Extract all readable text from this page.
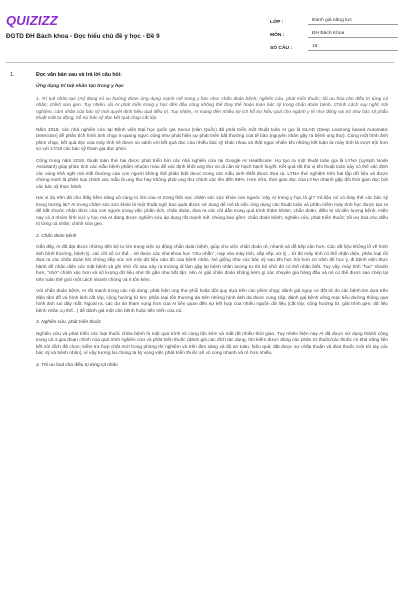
QUIZIZZ
ĐGTD ĐH Bách khoa - Đọc hiểu chủ đề y học - Đề 9
LỚP :	Đánh giá năng lực
MÔN :	ĐH Bách Khoa
SỐ CÂU :	18
1.	Đọc văn bản sau và trả lời câu hỏi:

Ứng dụng trí tuệ nhân tạo trong y học

1. Trí tuệ nhân tạo (AI) đang có xu hướng được ứng dụng mạnh mẽ trong y học như: chẩn đoán bệnh; nghiên cứu, phát triển thuốc; tối ưu hóa cho điều trị từng cá nhân; chỉnh sửa gen. Tuy nhiên, dù AI phát triển trong y học đến đâu cũng không thể thay thế hoàn toàn bác sỹ trong chẩn đoán bệnh. Chính cách suy nghĩ, trải nghiệm, cảm nhận của bác sỹ mới quyết định hiệu quả điều trị. Tuy nhiên, AI mang đến nhiều lợi ích hỗ trợ hiệu quả cho ngành y tế như đóng vai trò như bác sỹ phẫu thuật mắt tự động, hỗ trợ bác sỹ đọc kết quả chụp cắt lớp.

Năm 2018, các nhà nghiên cứu tại Bệnh viện Đại học quốc gia Seoul (Hàn Quốc) đã phát triển một thuật toán AI gọi là DLAD (Deep Learning based Automatic Detection) để phân tích hình ảnh chụp X-quang ngực cũng như phát hiện sự phát triển bất thường của tế bào (nguyên nhân gây ra bệnh ung thư). Cùng một hình ảnh phim chụp, kết quả đọc của máy tính sẽ được so sánh với kết quả đọc của nhiều bác sỹ khác nhau và thật ngạc nhiên khi những kết luận từ máy tính là vượt trội hơn so với 17/18 các bác sỹ tham gia đọc phim.

Cũng trong năm 2018, thuật toán thứ hai được phát triển bởi các nhà nghiên cứu tại Google AI Healthcare. Họ tạo ra một thuật toán gọi là LYNA (Lymph Node Assistant) giúp phân tích các mẫu bệnh phẩm nhuộm màu để xác định khối ung thư vú di căn từ hạch bạch huyết. Kết quả rất thú vị khi thuật toán này có thể xác định các vùng khả nghi mà mắt thường của con người không thể phân biệt được trong các mẫu sinh thiết được đưa ra. LYNA thử nghiệm trên hai tập dữ liệu và được chứng minh là phân loại chính xác mẫu là ung thư hay không phải ung thư chính xác lên đến 99%. Hơn nữa, thời gian đọc của LYNA nhanh gấp đôi thời gian đọc bởi các bác sỹ thực hành.

Hai ví dụ trên đã cho thấy tiềm năng vô cùng to lớn của AI trong lĩnh vực chăm sóc sức khỏe con người. Vậy AI trong y học là gì? Và liệu nó có thay thế các bác sỹ trong tương lai? AI trong chăm sóc sức khỏe là một thuật ngữ bao quát được sử dụng để mô tả việc ứng dụng các thuật toán và phần mềm máy tính học được tạo ra để bắt chước nhận thức của con người trong việc phân tích, chẩn đoán, đưa ra các chỉ dẫn trong quá trình thăm khám, chẩn đoán, điều trị và tiên lượng bệnh. Hiện nay có 4 nhóm lĩnh vực y học mà AI đang được nghiên cứu áp dụng rất mạnh mẽ, chúng bao gồm: chẩn đoán bệnh; nghiên cứu, phát triển thuốc; tối ưu hóa cho điều trị từng cá nhân; chỉnh sửa gen.

2. Chẩn đoán bệnh

Gần đây, AI đã đạt được những tiến bộ to lớn trong việc tự động chẩn đoán bệnh, giúp cho việc chẩn đoán rẻ, nhanh và dễ tiếp cận hơn. Các dữ liệu không lồ về hình ảnh bình thường, bệnh lý, các chỉ số cơ thể... sẽ được các nhà khoa học "cho nhẫn", nạp vào máy tính, sắp xếp, xử lý... từ đó máy tính có thể nhận diện, phân loại rồi đưa ra các chẩn đoán khi chúng tiếp xúc với một dữ liệu nào đó của bệnh nhân. Nó giống như các bác sỹ sau khi học hỏi hơn 10 năm để học y, đi bệnh viện thực hành để nhận diện các mặt bệnh và ghi nhớ rồi sau này ra trường đi làm gặp lại bệnh nhân tương tự thì bộ nhớ đó có thể nhận biết. Tuy vậy, máy tính "học" nhanh hơn, "nhớ" chính xác hơn và số lượng dữ liệu nhớ thì gần như bất tận, nên AI giúi chẩn đoán không kém gì các chuyên gia hàng đầu và nó có thể được sao chép lại trên toàn thế giới một cách nhanh chóng và ít tốn kém.

Với chẩn đoán bệnh, AI rất mạnh trong các nội dung: phát hiện ung thư phổi hoặc đột quỵ dựa trên các phim chụp; đánh giá nguy cơ đột tử do các bệnh tim dựa trên điện tâm đồ và hình ảnh cắt lớp, cộng hưởng từ tim; phân loại tổn thương da trên những hình ảnh da được cung cấp; đánh giá bệnh võng mạc tiểu đường thông qua hình ảnh soi đáy mắt. Ngoài ra, các dự án tham vọng hơn của AI liên quan đến sự kết hợp của nhiều nguồn dữ liệu (cắt lớp, cộng hưởng từ, giải trình gen, dữ liệu bệnh nhân cụ thể...) để đánh giá một căn bệnh hoặc tiến triển của nó.

3. Nghiên cứu, phát triển thuốc

Nghiên cứu và phát triển các loại thuốc chữa bệnh là một quá trình vô cùng tốn kém và mất rất nhiều thời gian. Tuy nhiên hiện nay AI đã được sử dụng thành công trong cả 4 giai đoạn chính của quá trình nghiên cứu và phát triển thuốc (đánh giá các đích tác dụng, tìm kiếm được đúng các phân tử thuốc/các thuốc có khả năng liên kết với đích đã chọn; kiểm tra hợp chất mới trong phòng thí nghiệm và trên lâm sàng và độ an toàn, hiệu quả; đặt được sự chấp thuận và đưa thuốc mới tới tay các bác sỹ và bệnh nhân), vì vậy tương lai chúng ta kỳ vọng việc phát triển thuốc sẽ vô cùng nhanh và rẻ hơn nhiều.

4. Tối ưu hoá cho điều trị từng cá nhân
